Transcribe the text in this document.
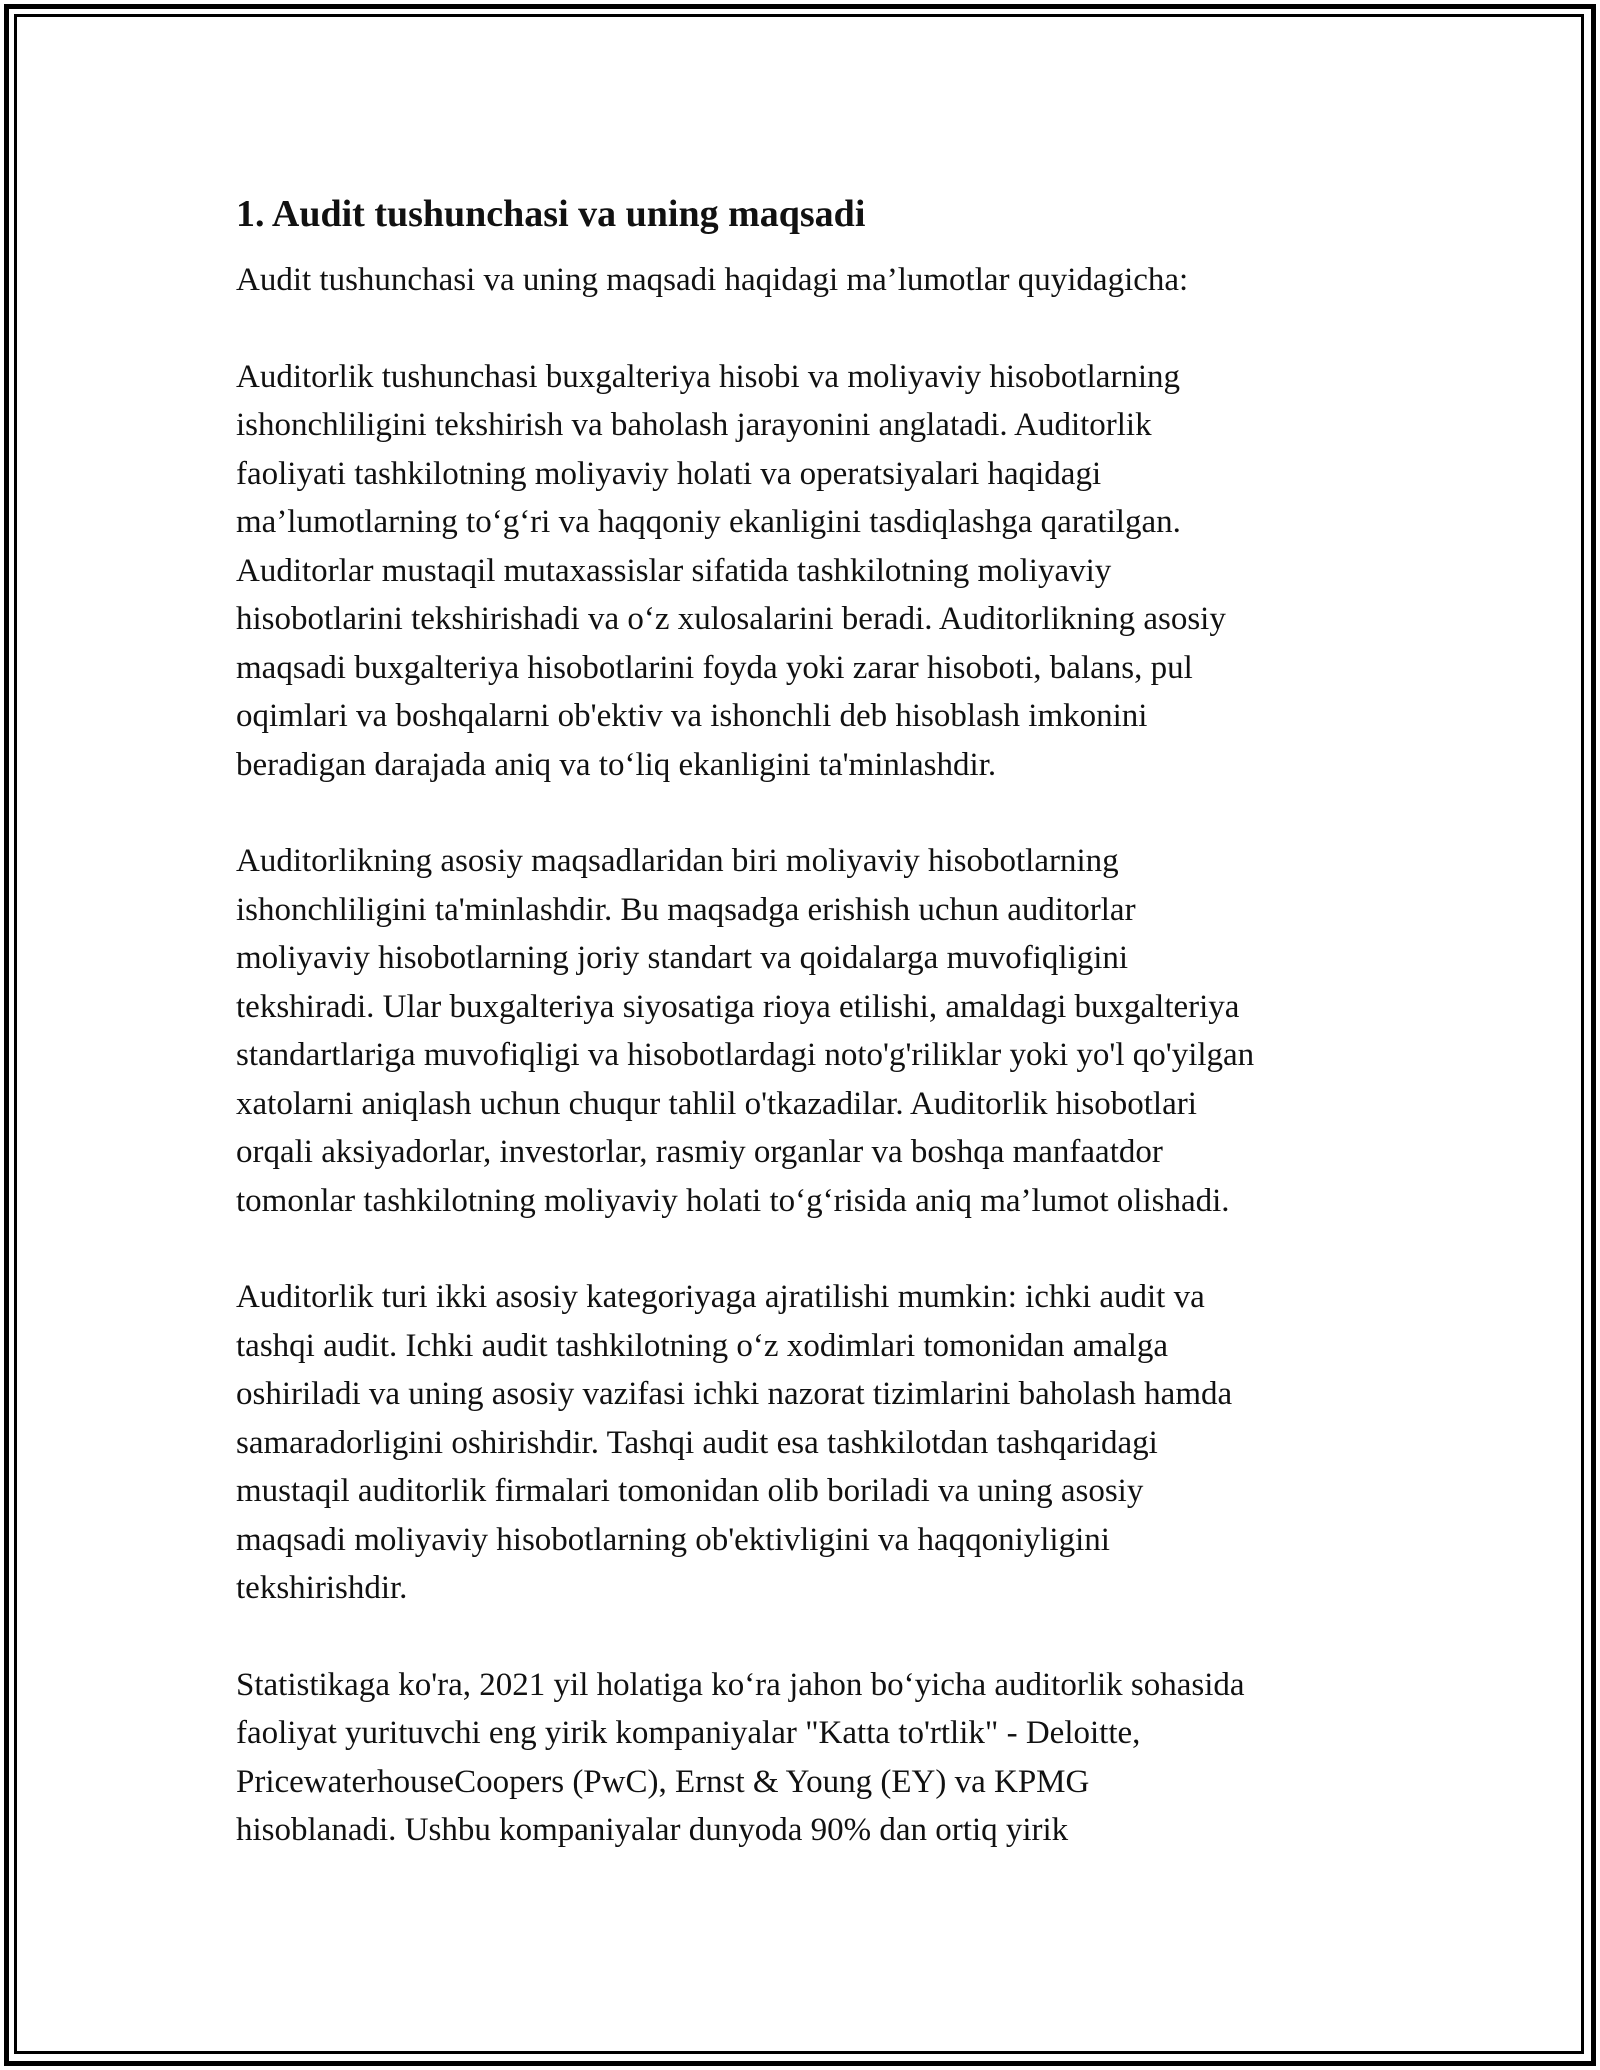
1. Audit tushunchasi va uning maqsadi

Audit tushunchasi va uning maqsadi haqidagi ma’lumotlar quyidagicha:

Auditorlik tushunchasi buxgalteriya hisobi va moliyaviy hisobotlarning
ishonchliligini tekshirish va baholash jarayonini anglatadi. Auditorlik
faoliyati tashkilotning moliyaviy holati va operatsiyalari haqidagi
ma’lumotlarning to‘g‘ri va haqqoniy ekanligini tasdiqlashga qaratilgan.
Auditorlar mustaqil mutaxassislar sifatida tashkilotning moliyaviy
hisobotlarini tekshirishadi va o‘z xulosalarini beradi. Auditorlikning asosiy
maqsadi buxgalteriya hisobotlarini foyda yoki zarar hisoboti, balans, pul
oqimlari va boshqalarni ob'ektiv va ishonchli deb hisoblash imkonini
beradigan darajada aniq va to‘liq ekanligini ta'minlashdir.
Auditorlikning asosiy maqsadlaridan biri moliyaviy hisobotlarning
ishonchliligini ta'minlashdir. Bu maqsadga erishish uchun auditorlar
moliyaviy hisobotlarning joriy standart va qoidalarga muvofiqligini
tekshiradi. Ular buxgalteriya siyosatiga rioya etilishi, amaldagi buxgalteriya
standartlariga muvofiqligi va hisobotlardagi noto'g'riliklar yoki yo'l qo'yilgan
xatolarni aniqlash uchun chuqur tahlil o'tkazadilar. Auditorlik hisobotlari
orqali aksiyadorlar, investorlar, rasmiy organlar va boshqa manfaatdor
tomonlar tashkilotning moliyaviy holati to‘g‘risida aniq ma’lumot olishadi.
Auditorlik turi ikki asosiy kategoriyaga ajratilishi mumkin: ichki audit va
tashqi audit. Ichki audit tashkilotning o‘z xodimlari tomonidan amalga
oshiriladi va uning asosiy vazifasi ichki nazorat tizimlarini baholash hamda
samaradorligini oshirishdir. Tashqi audit esa tashkilotdan tashqaridagi
mustaqil auditorlik firmalari tomonidan olib boriladi va uning asosiy
maqsadi moliyaviy hisobotlarning ob'ektivligini va haqqoniyligini
tekshirishdir.
Statistikaga ko'ra, 2021 yil holatiga ko‘ra jahon bo‘yicha auditorlik sohasida
faoliyat yurituvchi eng yirik kompaniyalar "Katta to'rtlik" - Deloitte,
PricewaterhouseCoopers (PwC), Ernst & Young (EY) va KPMG
hisoblanadi. Ushbu kompaniyalar dunyoda 90% dan ortiq yirik
